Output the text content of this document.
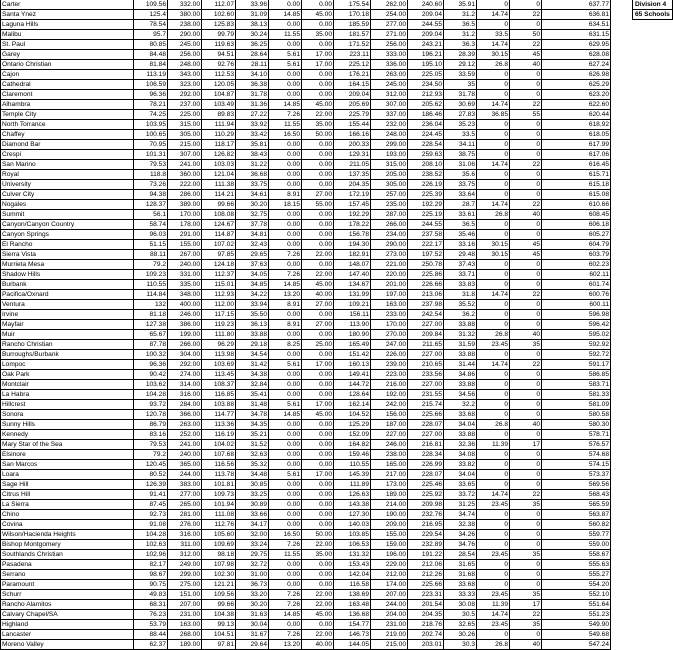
Carter	109.56	332.00	112.07	33.96	0.00	0.00	175.54	262.00	240.60	35.91	0	0	637.77
Santa Ynez	125.4	380.00	102.60	31.09	14.85	45.00	170.18	254.00	209.04	31.2	14.74	22	636.81
Laguna Hills	78.54	238.00	125.83	38.13	0.00	0.00	185.59	277.00	244.55	36.5	0	0	634.51
Malibu	95.7	290.00	99.79	30.24	11.55	35.00	181.57	271.00	209.04	31.2	33.5	50	631.15
St. Paul	80.85	245.00	119.63	36.25	0.00	0.00	171.52	256.00	243.21	36.3	14.74	22	629.95
Garey	84.48	256.00	94.51	28.64	5.61	17.00	223.11	333.00	196.21	28.39	30.15	45	628.08
Ontario Christian	81.84	248.00	92.76	28.11	5.61	17.00	225.12	336.00	195.10	29.12	26.8	40	627.24
Cajon	113.19	343.00	112.53	34.10	0.00	0.00	176.21	263.00	225.05	33.59	0	0	626.98
Cathedral	106.59	323.00	120.05	36.38	0.00	0.00	164.15	245.00	234.50	35	0	0	625.29
Claremont	96.36	292.00	104.87	31.78	0.00	0.00	209.04	312.00	212.93	31.78	0	0	623.20
Alhambra	78.21	237.00	103.49	31.36	14.85	45.00	205.69	307.00	205.62	30.69	14.74	22	622.60
Temple City	74.25	225.00	89.83	27.22	7.26	22.00	225.79	337.00	186.46	27.83	36.85	55	620.44
North Torrance	103.95	315.00	111.94	33.92	11.55	35.00	155.44	232.00	236.04	35.23	0	0	618.92
Chaffey	100.65	305.00	110.29	33.42	16.50	50.00	166.16	248.00	224.45	33.5	0	0	618.05
Diamond Bar	70.95	215.00	118.17	35.81	0.00	0.00	200.33	299.00	228.54	34.11	0	0	617.99
Crespi	101.31	307.00	126.82	38.43	0.00	0.00	129.31	193.00	259.63	38.75	0	0	617.06
San Marino	79.53	241.00	103.03	31.22	0.00	0.00	211.05	315.00	208.10	31.06	14.74	22	616.45
Royal	118.8	360.00	121.04	36.68	0.00	0.00	137.35	205.00	238.52	35.6	0	0	615.71
University	73.26	222.00	111.38	33.75	0.00	0.00	204.35	305.00	226.19	33.75	0	0	615.18
Culver City	94.38	286.00	114.21	34.61	8.91	27.00	172.19	257.00	225.39	33.64	0	0	615.08
Nogales	128.37	389.00	99.66	30.20	18.15	55.00	157.45	235.00	192.29	28.7	14.74	22	610.66
Summit	56.1	170.00	108.08	32.75	0.00	0.00	192.29	287.00	225.19	33.61	26.8	40	608.45
Canyon/Canyon Country	58.74	178.00	124.67	37.78	0.00	0.00	178.22	266.00	244.55	36.5	0	0	606.18
Canyon Springs	96.03	291.00	114.87	34.81	0.00	0.00	156.78	234.00	237.58	35.46	0	0	605.27
El Rancho	51.15	155.00	107.02	32.43	0.00	0.00	194.30	290.00	222.17	33.16	30.15	45	604.79
Sierra Vista	88.11	267.00	97.85	29.65	7.26	22.00	182.91	273.00	197.52	29.48	30.15	45	603.79
Murrieta Mesa	79.2	240.00	124.18	37.63	0.00	0.00	148.07	221.00	250.78	37.43	0	0	602.23
Shadow Hills	109.23	331.00	112.37	34.05	7.26	22.00	147.40	220.00	225.86	33.71	0	0	602.11
Burbank	110.55	335.00	115.01	34.85	14.85	45.00	134.67	201.00	226.66	33.83	0	0	601.74
Pacifica/Oxnard	114.84	348.00	112.93	34.22	13.20	40.00	131.99	197.00	213.06	31.8	14.74	22	600.76
Ventura	132	400.00	112.00	33.94	8.91	27.00	109.21	163.00	237.98	35.52	0	0	600.11
Irvine	81.18	246.00	117.15	35.50	0.00	0.00	156.11	233.00	242.54	36.2	0	0	596.98
Mayfair	127.38	386.00	119.23	36.13	8.91	27.00	113.90	170.00	227.00	33.88	0	0	596.42
Muir	65.67	199.00	111.80	33.88	0.00	0.00	180.90	270.00	209.84	31.32	26.8	40	595.02
Rancho Christian	87.78	266.00	96.29	29.18	8.25	25.00	165.49	247.00	211.65	31.59	23.45	35	592.92
Burroughs/Burbank	100.32	304.00	113.98	34.54	0.00	0.00	151.42	226.00	227.00	33.88	0	0	592.72
Lompoc	96.36	292.00	103.69	31.42	5.61	17.00	160.13	239.00	210.65	31.44	14.74	22	591.17
Oak Park	90.42	274.00	113.45	34.38	0.00	0.00	149.41	223.00	233.56	34.86	0	0	586.85
Montclair	103.62	314.00	108.37	32.84	0.00	0.00	144.72	216.00	227.00	33.88	0	0	583.71
La Habra	104.28	316.00	116.85	35.41	0.00	0.00	128.64	192.00	231.55	34.56	0	0	581.33
Hillcrest	93.72	284.00	103.88	31.48	5.61	17.00	162.14	242.00	215.74	32.2	0	0	581.09
Sonora	120.78	366.00	114.77	34.78	14.85	45.00	104.52	156.00	225.66	33.68	0	0	580.58
Sunny Hills	86.79	263.00	113.36	34.35	0.00	0.00	125.29	187.00	228.07	34.04	26.8	40	580.30
Kennedy	83.16	252.00	116.19	35.21	0.00	0.00	152.09	227.00	227.00	33.88	0	0	578.71
Mary Star of the Sea	79.53	241.00	104.02	31.52	0.00	0.00	164.82	246.00	216.81	32.36	11.39	17	576.57
Elsinore	79.2	240.00	107.68	32.63	0.00	0.00	159.46	238.00	228.34	34.08	0	0	574.68
San Marcos	120.45	365.00	116.56	35.32	0.00	0.00	110.55	165.00	226.99	33.82	0	0	574.15
Loara	80.52	244.00	113.78	34.48	5.61	17.00	145.39	217.00	228.07	34.04	0	0	573.37
Sage Hill	126.39	383.00	101.81	30.85	0.00	0.00	111.89	173.00	225.46	33.65	0	0	569.56
Citrus Hill	91.41	277.00	109.73	33.25	0.00	0.00	126.63	189.00	225.92	33.72	14.74	22	568.43
La Sierra	87.45	265.00	101.94	30.89	0.00	0.00	143.38	214.00	209.98	31.25	23.45	35	565.59
Chino	92.73	281.00	111.08	33.66	0.00	0.00	127.30	190.00	232.76	34.74	0	0	563.87
Covina	91.08	276.00	112.76	34.17	0.00	0.00	140.03	209.00	216.95	32.38	0	0	560.82
Wilson/Hacienda Heights	104.28	316.00	105.60	32.00	16.50	50.00	103.85	155.00	229.54	34.26	0	0	559.77
Bishop Montgomery	102.63	311.00	109.69	33.24	7.26	22.00	106.53	159.00	232.89	34.76	0	0	559.00
Southlands Christian	102.96	312.00	98.18	29.75	11.55	35.00	131.32	196.00	191.22	28.54	23.45	35	558.67
Pasadena	82.17	249.00	107.98	32.72	0.00	0.00	153.43	229.00	212.06	31.65	0	0	555.63
Serrano	98.67	299.00	102.30	31.00	0.00	0.00	142.04	212.00	212.26	31.68	0	0	555.27
Paramount	90.75	275.00	121.21	36.73	0.00	0.00	116.58	174.00	225.66	33.68	0	0	554.20
Schurr	49.83	151.00	109.56	33.20	7.26	22.00	138.69	207.00	223.31	33.33	23.45	35	552.10
Rancho Alamitos	68.31	207.00	99.66	30.20	7.26	22.00	163.48	244.00	201.54	30.08	11.39	17	551.64
Calvary Chapel/SA	76.23	231.00	104.38	31.63	14.85	45.00	136.68	204.00	204.35	30.5	14.74	22	551.23
Highland	53.79	163.00	99.13	30.04	0.00	0.00	154.77	231.00	218.76	32.65	23.45	35	549.90
Lancaster	88.44	268.00	104.51	31.67	7.26	22.00	146.73	219.00	202.74	30.26	0	0	549.68
Moreno Valley	62.37	189.00	97.81	29.64	13.20	40.00	144.05	215.00	203.01	30.3	26.8	40	547.24
Division 4
65 Schools
